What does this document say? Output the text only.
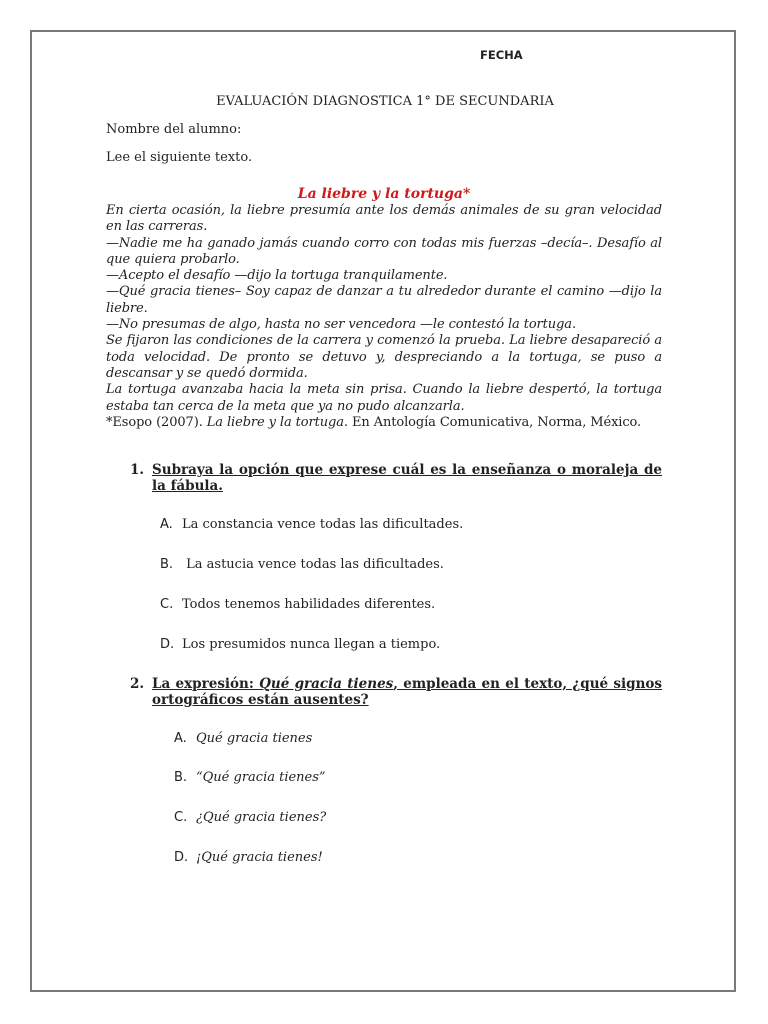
FECHA
EVALUACIÓN DIAGNOSTICA 1° DE SECUNDARIA
Nombre del alumno:
Lee el siguiente texto.
La liebre y la tortuga*

En cierta ocasión, la liebre presumía ante los demás animales de su gran velocidad en las carreras.

—Nadie me ha ganado jamás cuando corro con todas mis fuerzas –decía–. Desafío al que quiera probarlo.

—Acepto el desafío —dijo la tortuga tranquilamente.

—Qué gracia tienes– Soy capaz de danzar a tu alrededor durante el camino —dijo la liebre.

—No presumas de algo, hasta no ser vencedora —le contestó la tortuga.

Se fijaron las condiciones de la carrera y comenzó la prueba. La liebre desapareció a toda velocidad. De pronto se detuvo y, despreciando a la tortuga, se puso a descansar y se quedó dormida.

La tortuga avanzaba hacia la meta sin prisa. Cuando la liebre despertó, la tortuga estaba tan cerca de la meta que ya no pudo alcanzarla.

*Esopo (2007). La liebre y la tortuga. En Antología Comunicativa, Norma, México.

1. Subraya la opción que exprese cuál es la enseñanza o moraleja de la fábula.
A. La constancia vence todas las dificultades.
B. La astucia vence todas las dificultades.
C. Todos tenemos habilidades diferentes.
D. Los presumidos nunca llegan a tiempo.
2. La expresión: Qué gracia tienes, empleada en el texto, ¿qué signos ortográficos están ausentes?
A. Qué gracia tienes
B. “Qué gracia tienes”
C. ¿Qué gracia tienes?
D. ¡Qué gracia tienes!
